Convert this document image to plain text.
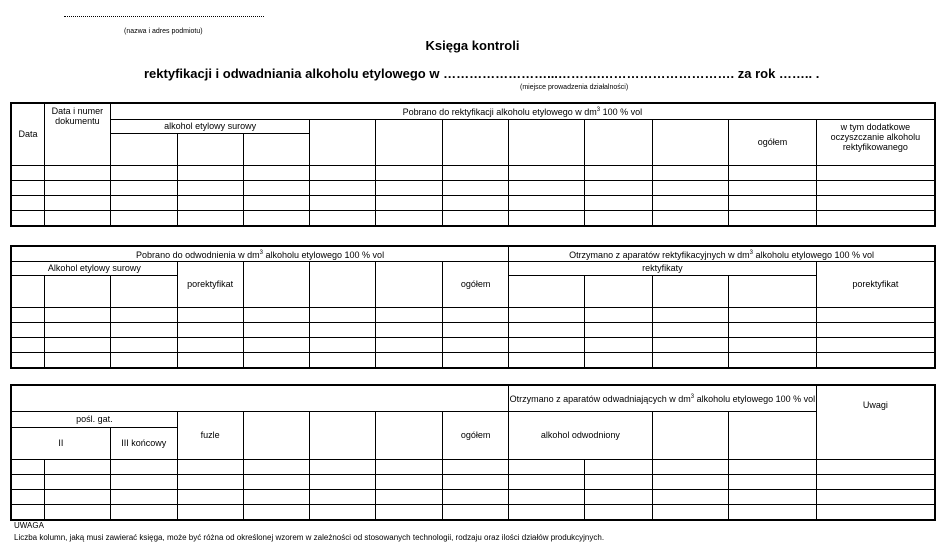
(nazwa i adres podmiotu)
Księga kontroli
rektyfikacji i odwadniania alkoholu etylowego w ……………………...……….…………………………. za rok …….. .
(miejsce prowadzenia działalności)
Data	Data i numer dokumentu	Pobrano do rektyfikacji alkoholu etylowego w $dm^3$ 100 % vol										
		alkohol etylowy surowy									ogółem	w tym dodatkowe oczyszczanie alkoholu rektyfikowanego

Pobrano do odwodnienia w $dm^3$ alkoholu etylowego 100 % vol								Otrzymano z aparatów rektyfikacyjnych w $dm^3$ alkoholu etylowego 100 % vol				
Alkohol etylowy surowy			porektyfikat				ogółem	rektyfikaty				porektyfikat

								Otrzymano z aparatów odwadniających w $dm^3$ alkoholu etylowego 100 % vol				Uwagi
pośl. gat.			fuzle				ogółem	alkohol odwodniony				
II		III końcowy										

UWAGA
Liczba kolumn, jaką musi zawierać księga, może być różna od określonej wzorem w zależności od stosowanych technologii, rodzaju oraz ilości działów produkcyjnych.
